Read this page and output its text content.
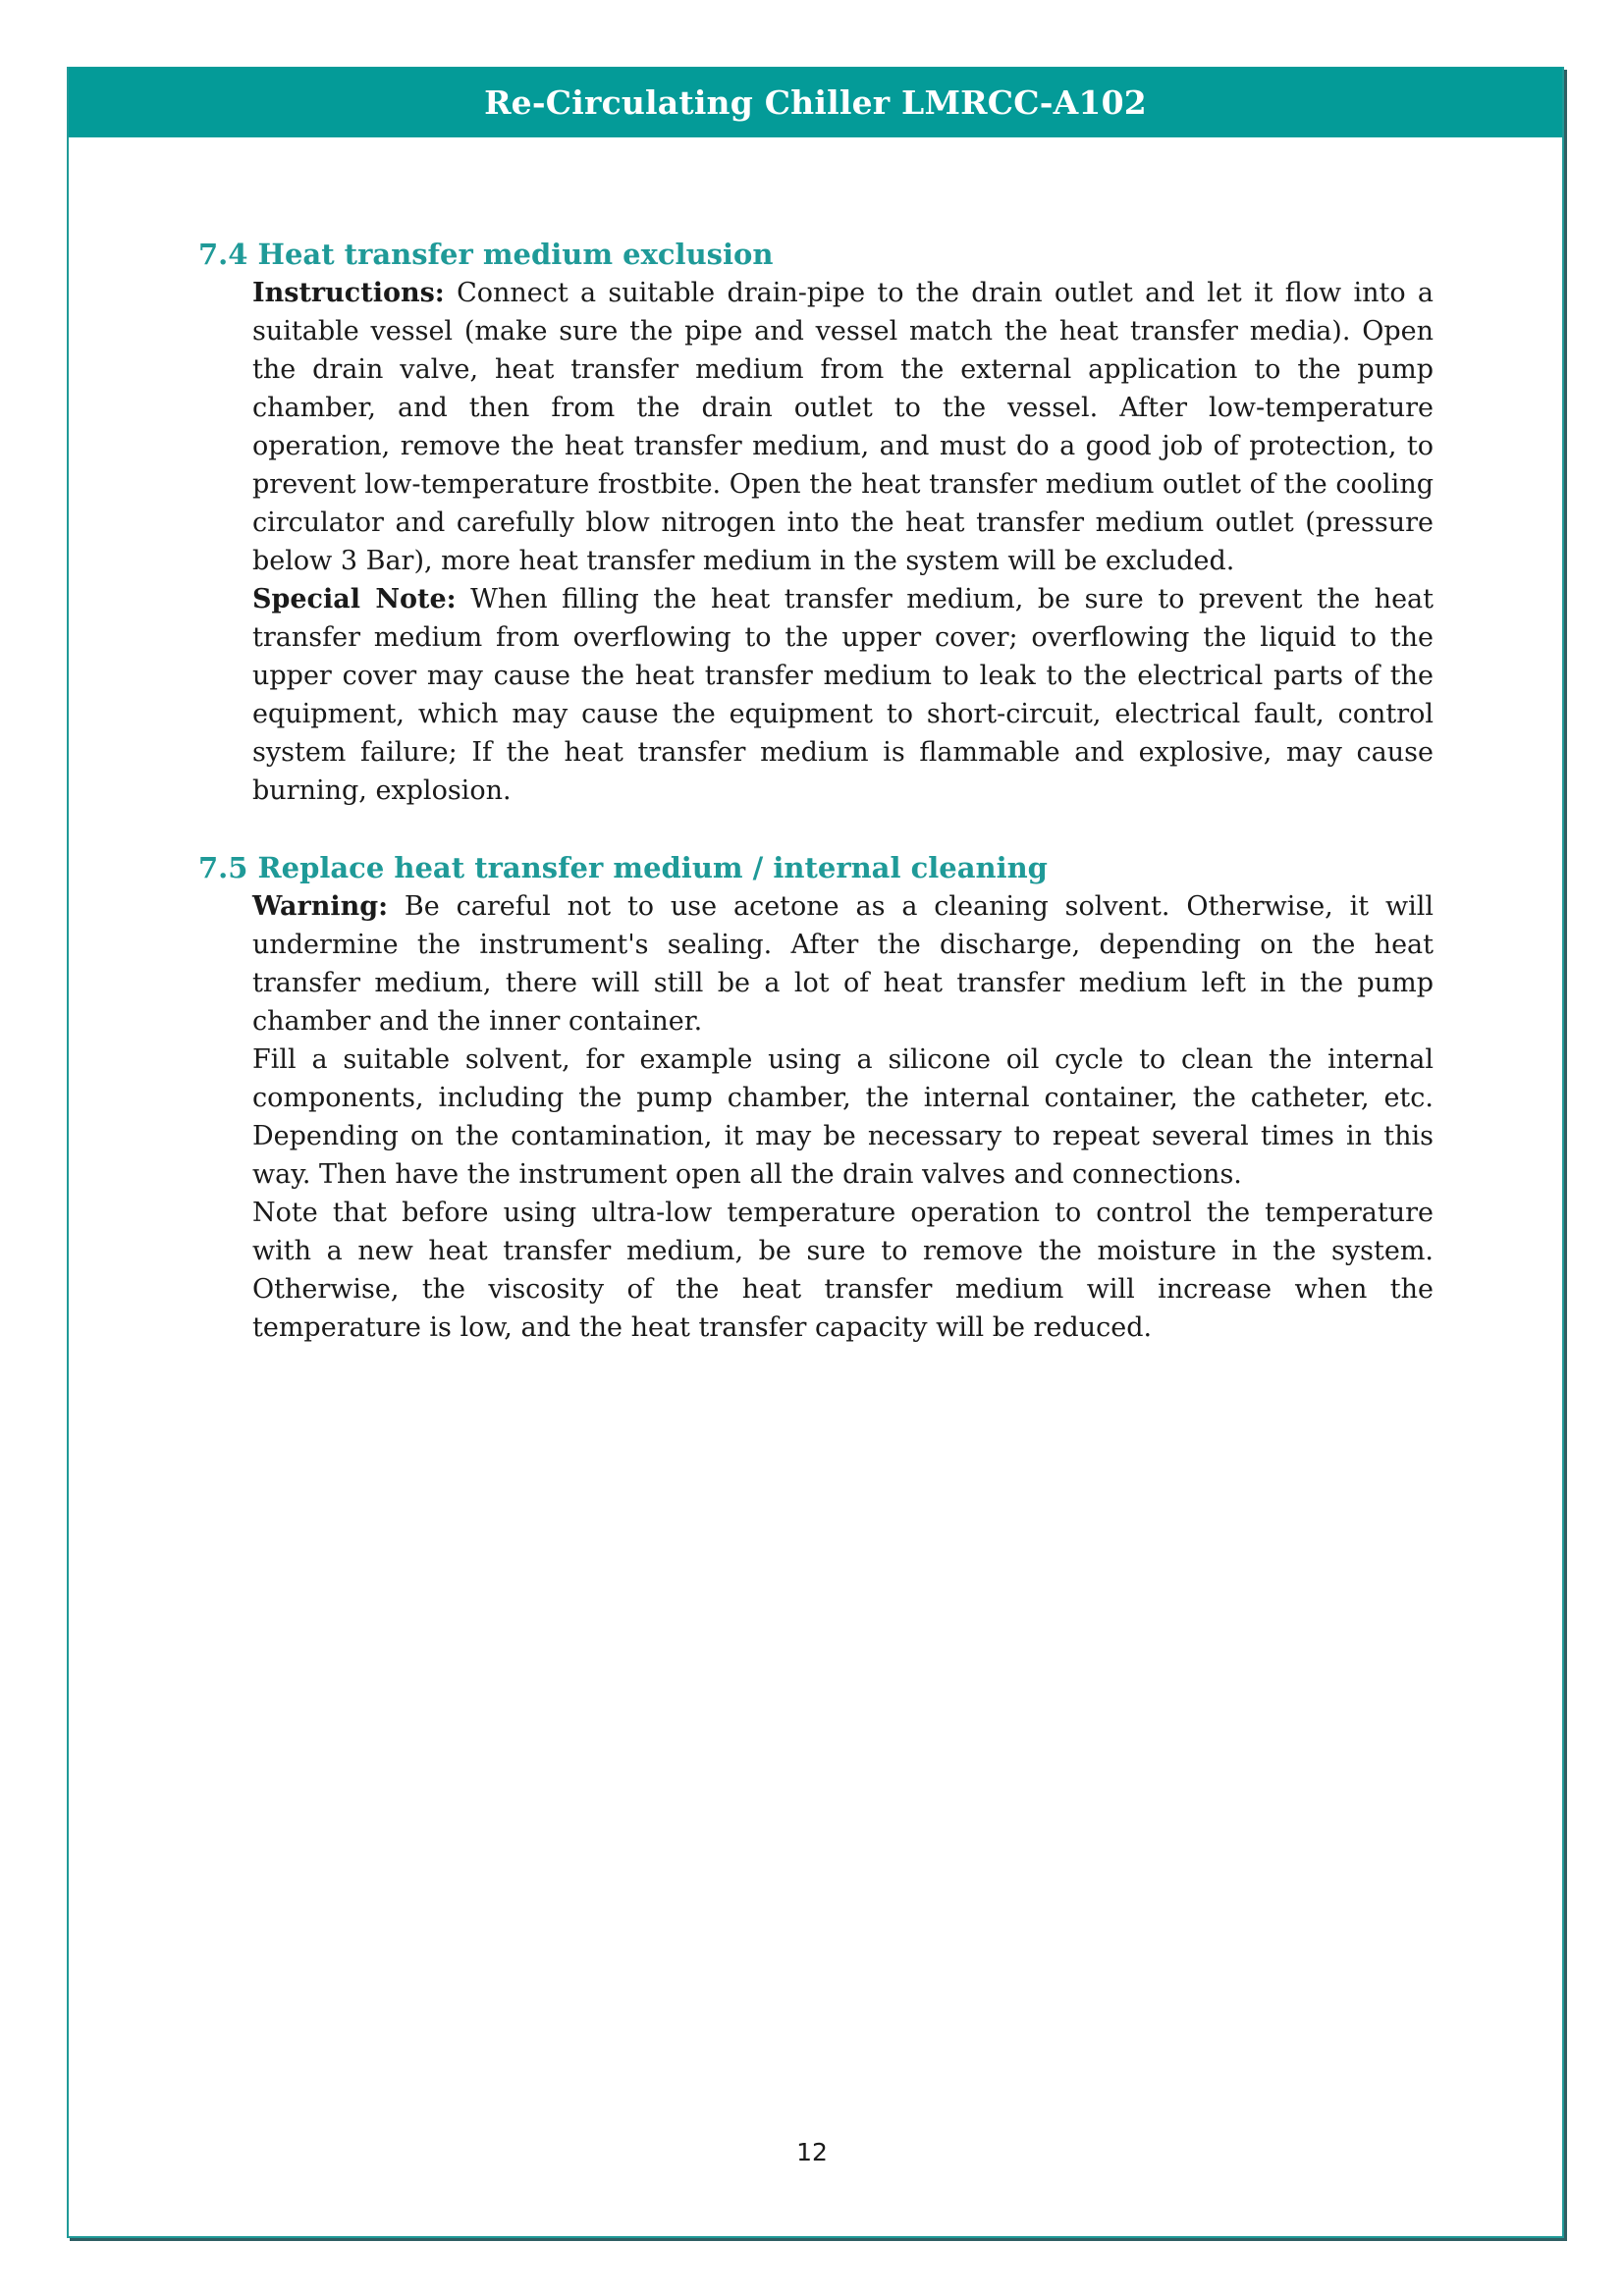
Re-Circulating Chiller LMRCC-A102
7.4 Heat transfer medium exclusion

Instructions: Connect a suitable drain-pipe to the drain outlet and let it flow into a suitable vessel (make sure the pipe and vessel match the heat transfer media). Open the drain valve, heat transfer medium from the external application to the pump chamber, and then from the drain outlet to the vessel. After low-temperature operation, remove the heat transfer medium, and must do a good job of protection, to prevent low-temperature frostbite. Open the heat transfer medium outlet of the cooling circulator and carefully blow nitrogen into the heat transfer medium outlet (pressure below 3 Bar), more heat transfer medium in the system will be excluded.

Special Note: When filling the heat transfer medium, be sure to prevent the heat transfer medium from overflowing to the upper cover; overflowing the liquid to the upper cover may cause the heat transfer medium to leak to the electrical parts of the equipment, which may cause the equipment to short-circuit, electrical fault, control system failure; If the heat transfer medium is flammable and explosive, may cause burning, explosion.

7.5 Replace heat transfer medium / internal cleaning

Warning: Be careful not to use acetone as a cleaning solvent. Otherwise, it will undermine the instrument's sealing. After the discharge, depending on the heat transfer medium, there will still be a lot of heat transfer medium left in the pump chamber and the inner container.

Fill a suitable solvent, for example using a silicone oil cycle to clean the internal components, including the pump chamber, the internal container, the catheter, etc. Depending on the contamination, it may be necessary to repeat several times in this way. Then have the instrument open all the drain valves and connections.

Note that before using ultra-low temperature operation to control the temperature with a new heat transfer medium, be sure to remove the moisture in the system. Otherwise, the viscosity of the heat transfer medium will increase when the temperature is low, and the heat transfer capacity will be reduced.

12
